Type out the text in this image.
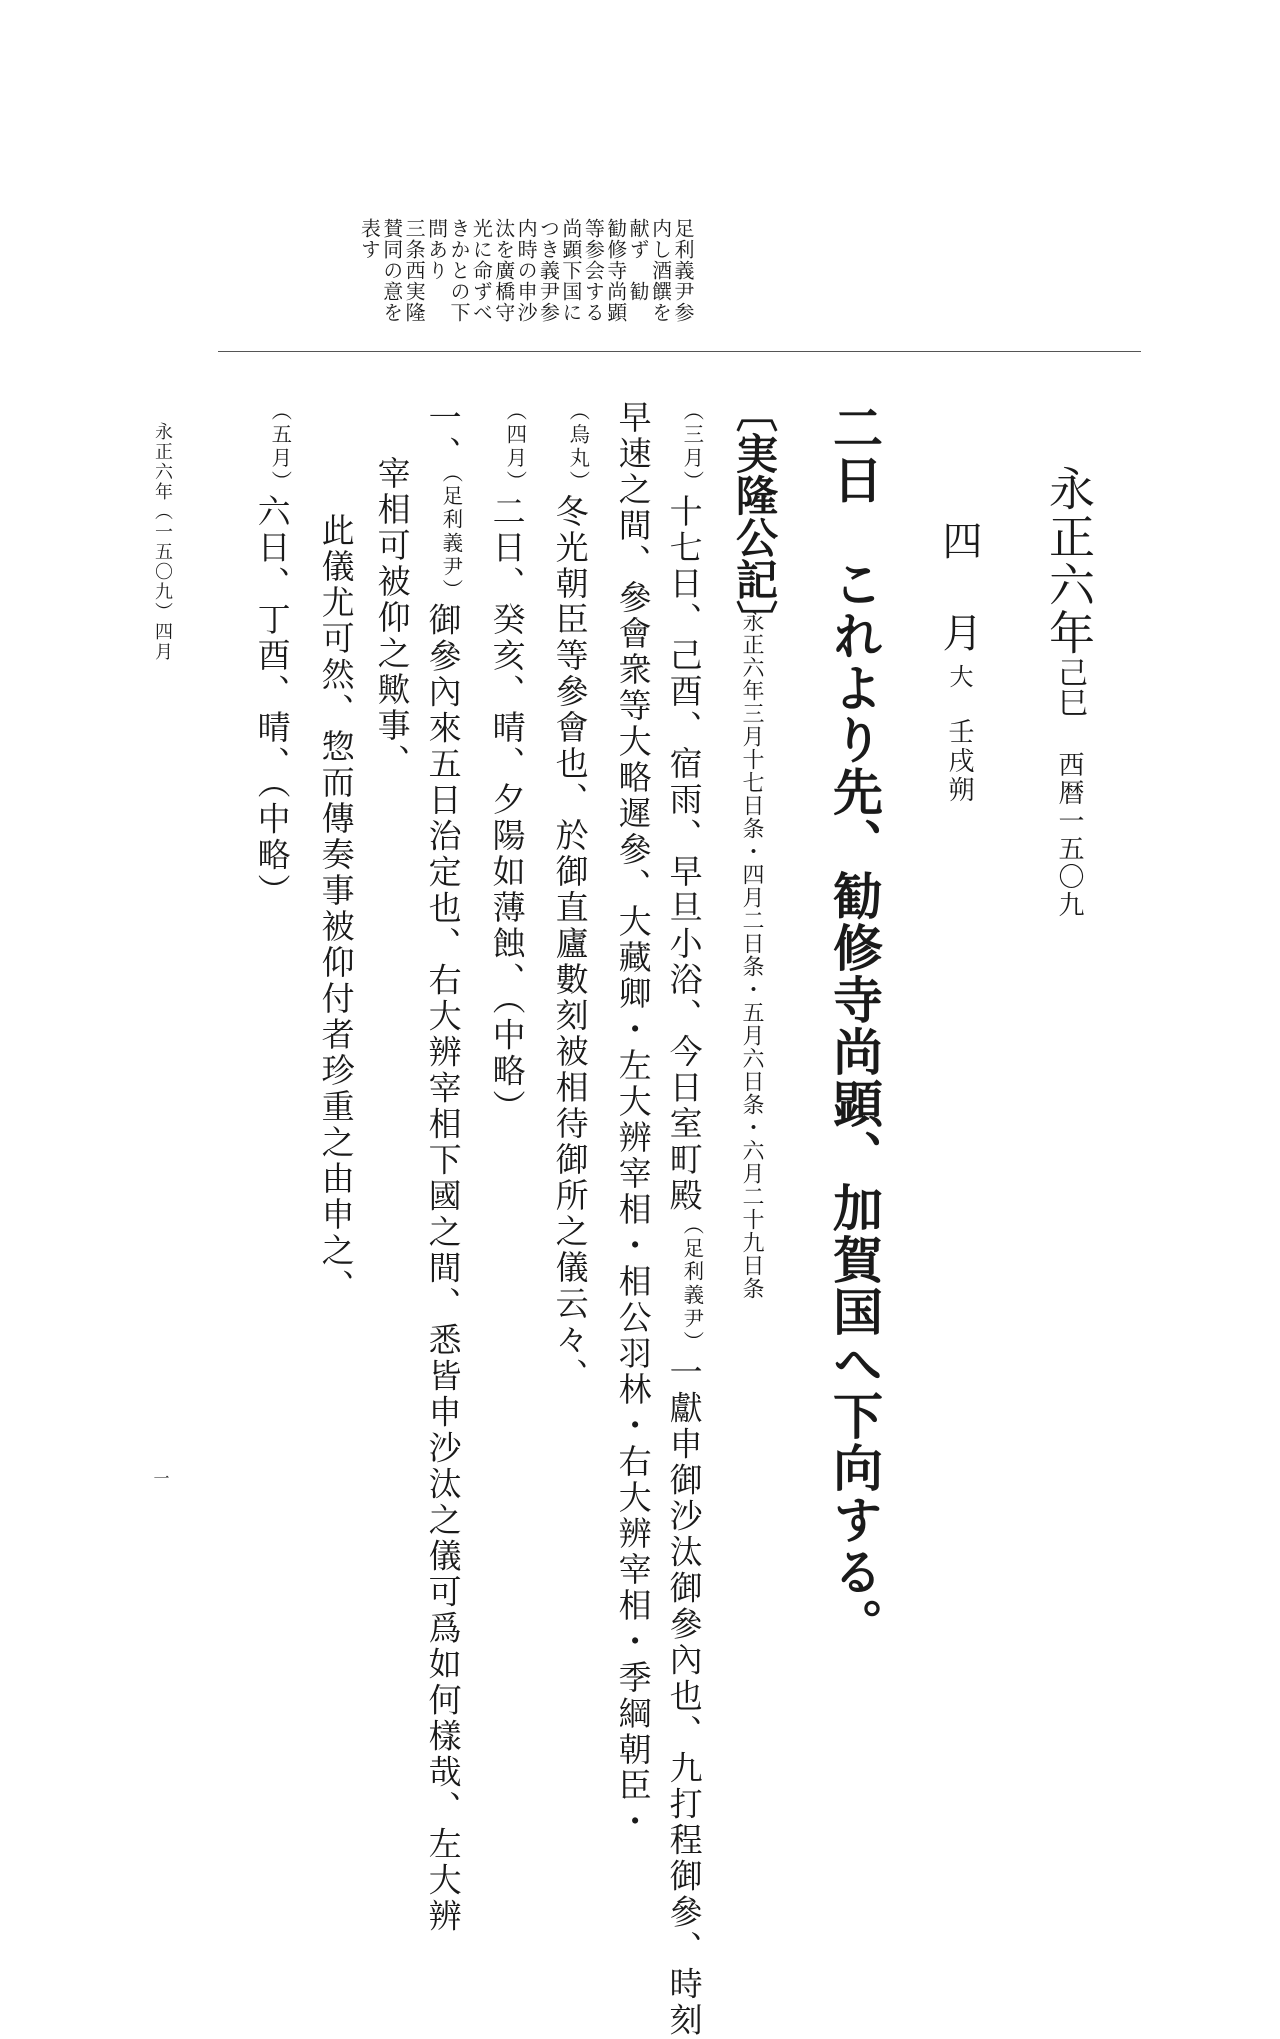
永正六年己巳西暦一五〇九
四　月大壬戌朔
足利義尹参
内し酒饌を
献ず　勧
勧修寺尚顕
等参会する
尚顕下国に
つき義尹参
内時の申沙
汰を廣橋守
光に命ずべ
きかとの下
問あり
三条西実隆
賛同の意を
表す
二日　これより先、勧修寺尚顕、加賀国へ下向する。
〔実隆公記〕
永正六年三月十七日条・四月二日条・五月六日条・六月二十九日条
$^{(三月)}$十七日、己酉、宿雨、早旦小浴、今日室町殿$^{(足利義尹)}$一獻申御沙汰御參內也、九打程御參、時刻
早速之間、參會衆等大略遲參、大藏卿・左大辨宰相・相公羽林・右大辨宰相・季綱朝臣・
$^{(烏丸)}$冬光朝臣等參會也、於御直廬數刻被相待御所之儀云々、
$^{(四月)}$二日、癸亥、晴、夕陽如薄蝕、（中略）
一、$^{(足利義尹)}$御參內來五日治定也、右大辨宰相下國之間、悉皆申沙汰之儀可爲如何樣哉、左大辨
宰相可被仰之歟事、
此儀尤可然、惣而傳奏事被仰付者珍重之由申之、
$^{(五月)}$六日、丁酉、晴、（中略）
永正六年（一五〇九）四月
一
